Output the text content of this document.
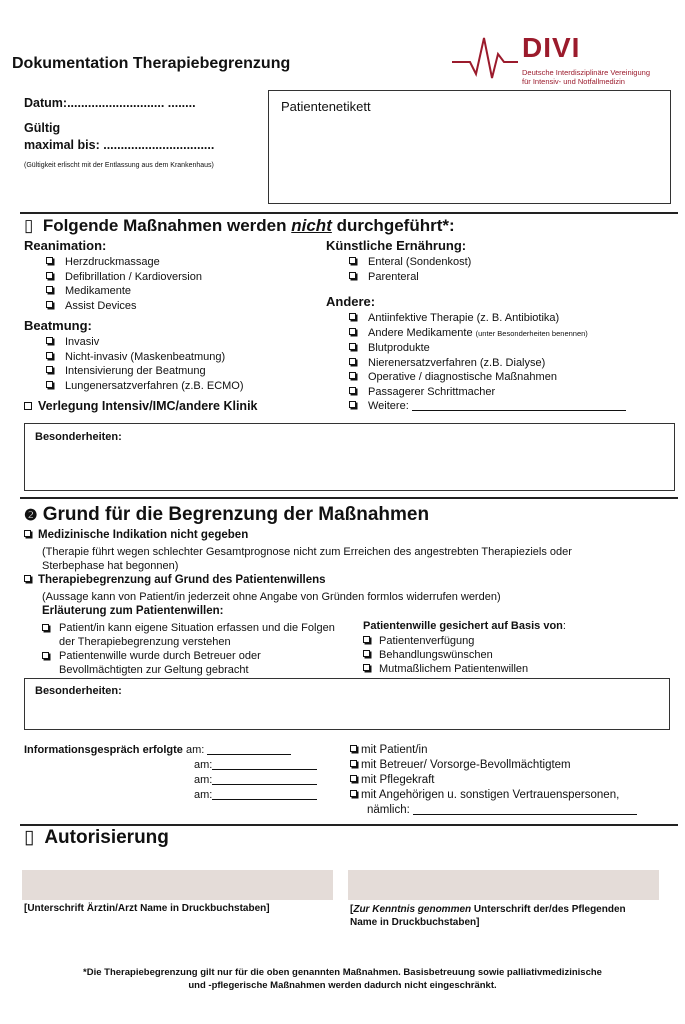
Dokumentation Therapiebegrenzung
DIVI
Deutsche Interdisziplinäre Vereinigung
für Intensiv- und Notfallmedizin
Datum:............................ ........
Gültig
maximal bis: ................................
(Gültigkeit erlischt mit der Entlassung aus dem Krankenhaus)
Patientenetikett
▯ Folgende Maßnahmen werden nicht durchgeführt*:
Reanimation:
Herzdruckmassage
Defibrillation / Kardioversion
Medikamente
Assist Devices
Beatmung:
Invasiv
Nicht-invasiv (Maskenbeatmung)
Intensivierung der Beatmung
Lungenersatzverfahren (z.B. ECMO)
Verlegung Intensiv/IMC/andere Klinik
Künstliche Ernährung:
Enteral (Sondenkost)
Parenteral
Andere:
Antiinfektive Therapie (z. B. Antibiotika)
Andere Medikamente (unter Besonderheiten benennen)
Blutprodukte
Nierenersatzverfahren (z.B. Dialyse)
Operative / diagnostische Maßnahmen
Passagerer Schrittmacher
Weitere:
Besonderheiten:
❷ Grund für die Begrenzung der Maßnahmen
Medizinische Indikation nicht gegeben
(Therapie führt wegen schlechter Gesamtprognose nicht zum Erreichen des angestrebten Therapieziels oder Sterbephase hat begonnen)
Therapiebegrenzung auf Grund des Patientenwillens
(Aussage kann von Patient/in jederzeit ohne Angabe von Gründen formlos widerrufen werden)
Erläuterung zum Patientenwillen:
Patient/in kann eigene Situation erfassen und die Folgen der Therapiebegrenzung verstehen
Patientenwille wurde durch Betreuer oder Bevollmächtigten zur Geltung gebracht
Patientenwille gesichert auf Basis von:
Patientenverfügung
Behandlungswünschen
Mutmaßlichem Patientenwillen
Besonderheiten:
Informationsgespräch erfolgte am:
am:
am:
am:
mit Patient/in
mit Betreuer/ Vorsorge-Bevollmächtigtem
mit Pflegekraft
mit Angehörigen u. sonstigen Vertrauenspersonen,
nämlich:
▯ Autorisierung
[Unterschrift Ärztin/Arzt Name in Druckbuchstaben]	[Zur Kenntnis genommen Unterschrift der/des Pflegenden Name in Druckbuchstaben]
*Die Therapiebegrenzung gilt nur für die oben genannten Maßnahmen. Basisbetreuung sowie palliativmedizinische
und -pflegerische Maßnahmen werden dadurch nicht eingeschränkt.
